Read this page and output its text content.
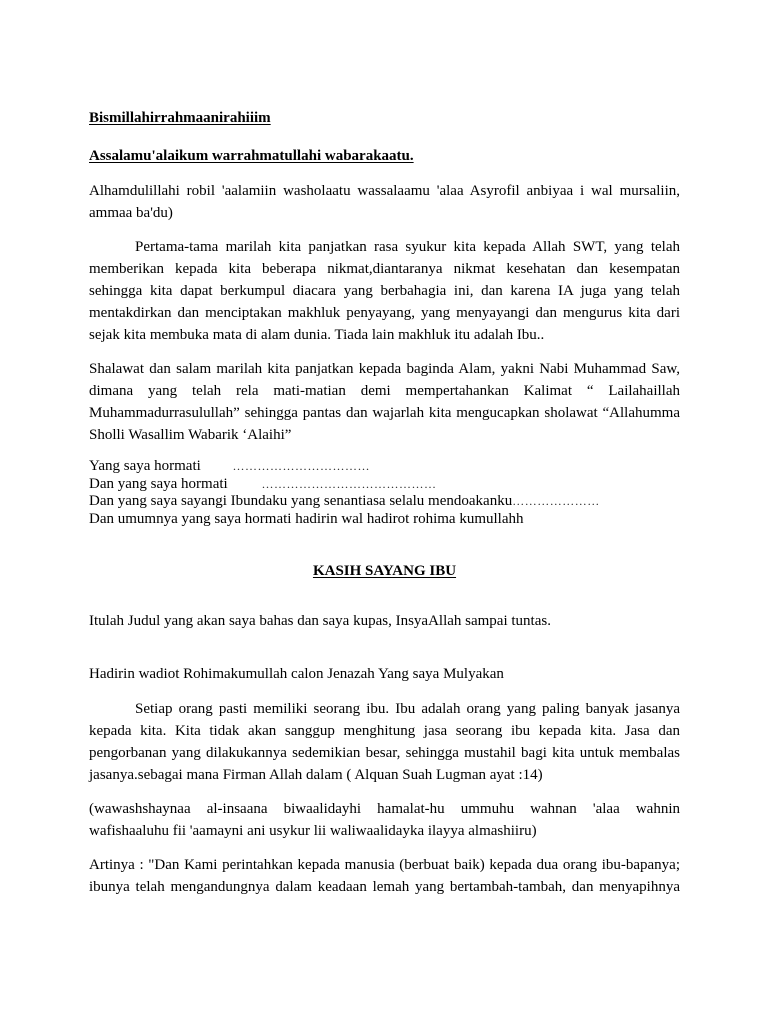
Bismillahirrahmaanirahiiim
Assalamu'alaikum warrahmatullahi wabarakaatu.
Alhamdulillahi robil 'aalamiin washolaatu wassalaamu 'alaa Asyrofil anbiyaa i wal mursaliin,
ammaa ba'du)
Pertama-tama marilah kita panjatkan rasa syukur kita kepada Allah SWT, yang telah
memberikan kepada kita beberapa nikmat,diantaranya nikmat kesehatan dan kesempatan
sehingga kita dapat berkumpul diacara yang berbahagia ini, dan karena IA juga yang telah
mentakdirkan dan menciptakan makhluk penyayang, yang menyayangi dan mengurus kita dari
sejak kita membuka mata di alam dunia. Tiada lain makhluk itu adalah Ibu..
Shalawat dan salam marilah kita panjatkan kepada baginda Alam, yakni Nabi Muhammad Saw,
dimana yang telah rela mati-matian demi mempertahankan Kalimat “ Lailahaillah
Muhammadurrasulullah” sehingga pantas dan wajarlah kita mengucapkan sholawat “Allahumma
Sholli Wasallim Wabarik ‘Alaihi”
Yang saya hormati	……………………………
Dan yang saya hormati	……………………………………
Dan yang saya sayangi Ibundaku yang senantiasa selalu mendoakanku…………………
Dan umumnya yang saya hormati hadirin wal hadirot rohima kumullahh
KASIH SAYANG IBU
Itulah Judul yang akan saya bahas dan saya kupas, InsyaAllah sampai tuntas.
Hadirin wadiot Rohimakumullah calon Jenazah Yang saya Mulyakan
Setiap orang pasti memiliki seorang ibu. Ibu adalah orang yang paling banyak jasanya
kepada kita. Kita tidak akan sanggup menghitung jasa seorang ibu kepada kita. Jasa dan
pengorbanan yang dilakukannya sedemikian besar, sehingga mustahil bagi kita untuk membalas
jasanya.sebagai mana Firman Allah dalam ( Alquan Suah Lugman ayat :14)
(wawashshaynaa al-insaana biwaalidayhi hamalat-hu ummuhu wahnan 'alaa wahnin
wafishaaluhu fii 'aamayni ani usykur lii waliwaalidayka ilayya almashiiru)
Artinya : "Dan Kami perintahkan kepada manusia (berbuat baik) kepada dua orang ibu-bapanya;
ibunya telah mengandungnya dalam keadaan lemah yang bertambah-tambah, dan menyapihnya
